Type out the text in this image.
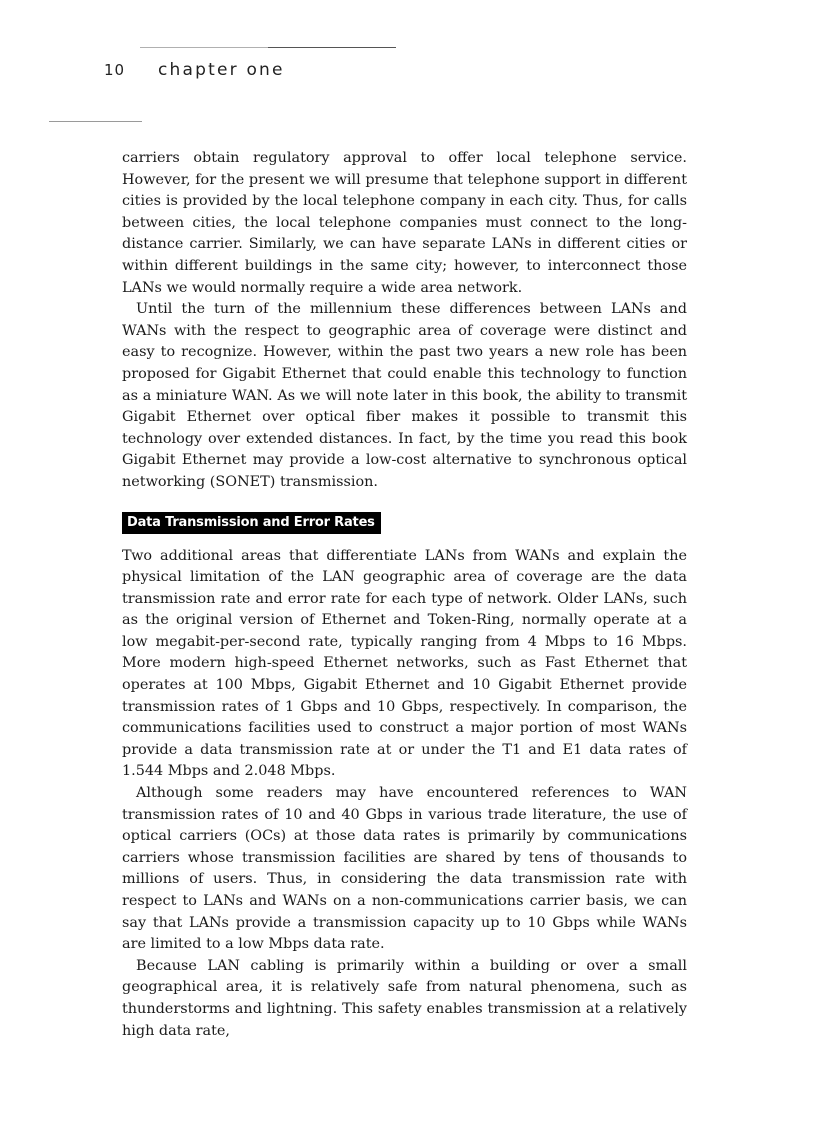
10	chapter one

carriers obtain regulatory approval to offer local telephone service. However, for the present we will presume that telephone support in different cities is provided by the local telephone company in each city. Thus, for calls between cities, the local telephone companies must connect to the long-distance carrier. Similarly, we can have separate LANs in different cities or within different buildings in the same city; however, to interconnect those LANs we would normally require a wide area network.

Until the turn of the millennium these differences between LANs and WANs with the respect to geographic area of coverage were distinct and easy to recognize. However, within the past two years a new role has been proposed for Gigabit Ethernet that could enable this technology to function as a miniature WAN. As we will note later in this book, the ability to transmit Gigabit Ethernet over optical fiber makes it possible to transmit this technology over extended distances. In fact, by the time you read this book Gigabit Ethernet may provide a low-cost alternative to synchronous optical networking (SONET) transmission.

Data Transmission and Error Rates

Two additional areas that differentiate LANs from WANs and explain the physical limitation of the LAN geographic area of coverage are the data transmission rate and error rate for each type of network. Older LANs, such as the original version of Ethernet and Token-Ring, normally operate at a low megabit-per-second rate, typically ranging from 4 Mbps to 16 Mbps. More modern high-speed Ethernet networks, such as Fast Ethernet that operates at 100 Mbps, Gigabit Ethernet and 10 Gigabit Ethernet provide transmission rates of 1 Gbps and 10 Gbps, respectively. In comparison, the communications facilities used to construct a major portion of most WANs provide a data transmission rate at or under the T1 and E1 data rates of 1.544 Mbps and 2.048 Mbps.

Although some readers may have encountered references to WAN transmission rates of 10 and 40 Gbps in various trade literature, the use of optical carriers (OCs) at those data rates is primarily by communications carriers whose transmission facilities are shared by tens of thousands to millions of users. Thus, in considering the data transmission rate with respect to LANs and WANs on a non-communications carrier basis, we can say that LANs provide a transmission capacity up to 10 Gbps while WANs are limited to a low Mbps data rate.

Because LAN cabling is primarily within a building or over a small geographical area, it is relatively safe from natural phenomena, such as thunderstorms and lightning. This safety enables transmission at a relatively high data rate,
